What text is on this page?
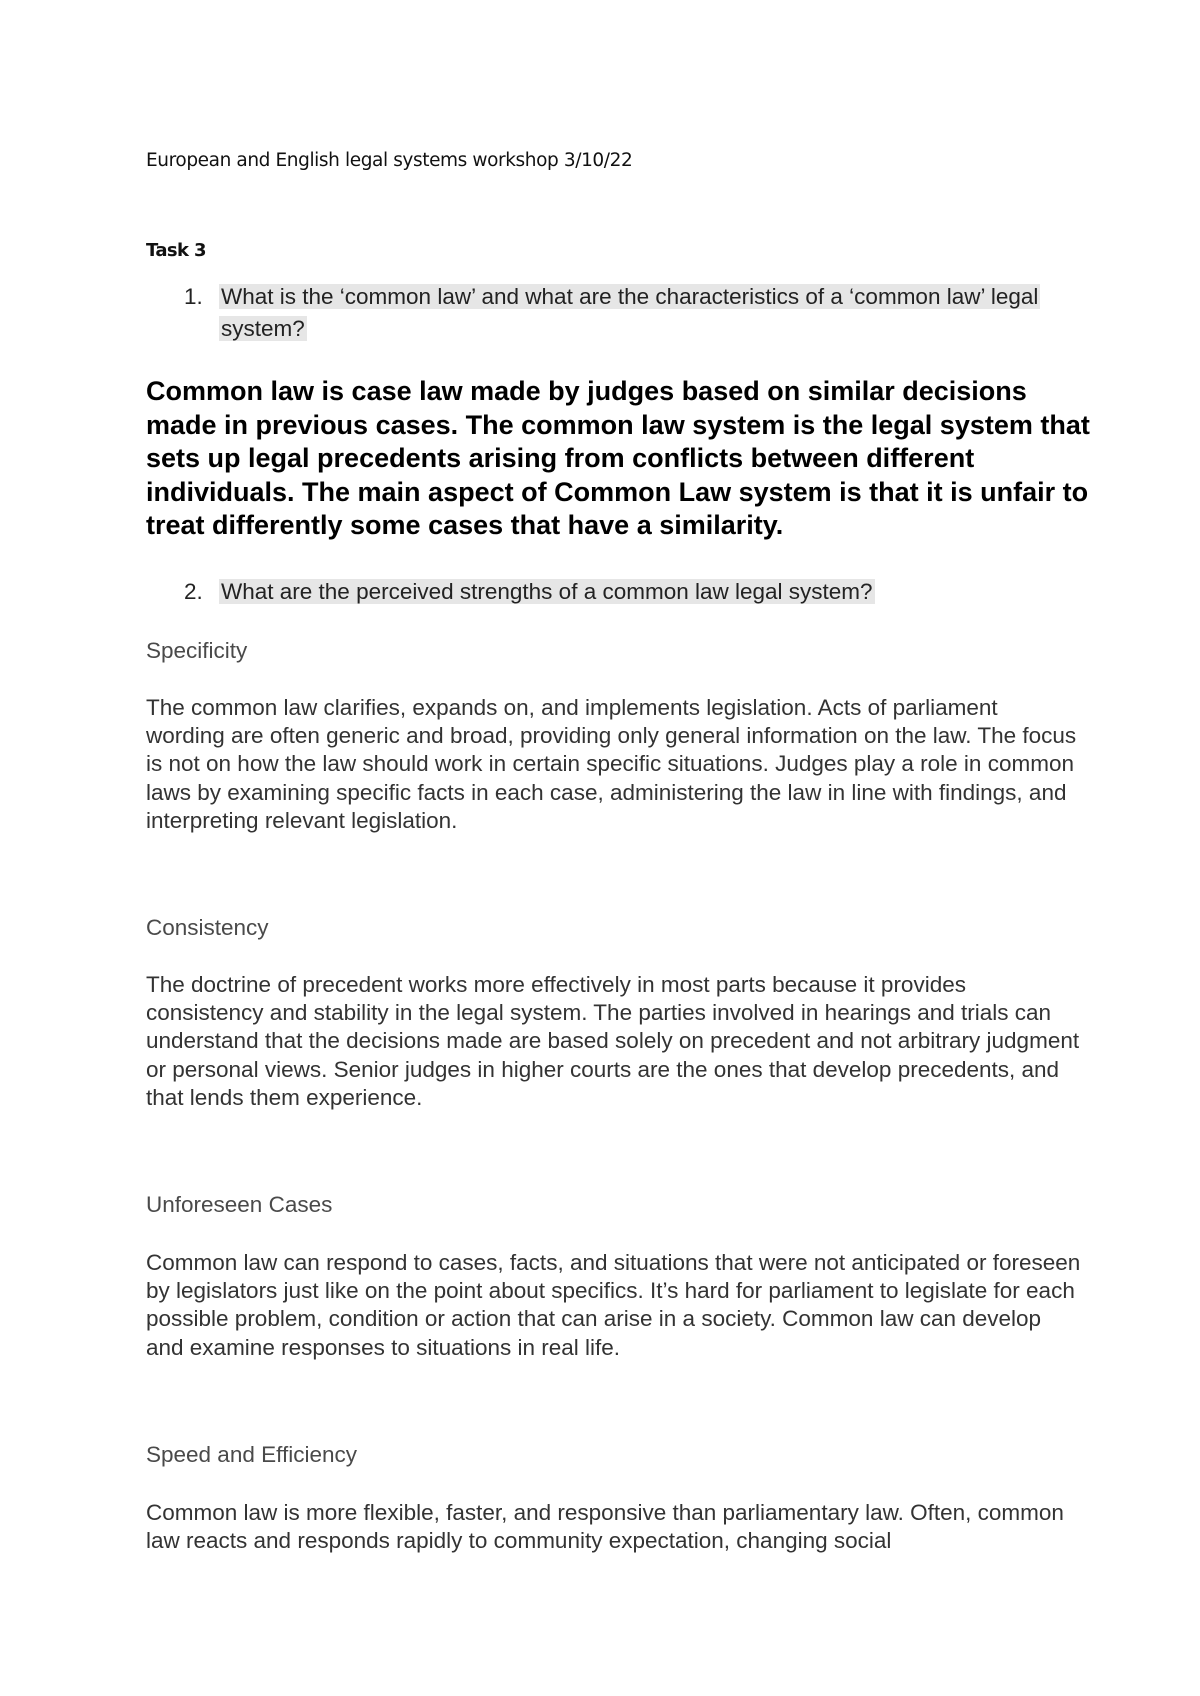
European and English legal systems workshop 3/10/22
Task 3
1. What is the ‘common law’ and what are the characteristics of a ‘common law’ legal system?
Common law is case law made by judges based on similar decisions made in previous cases. The common law system is the legal system that sets up legal precedents arising from conflicts between different individuals. The main aspect of Common Law system is that it is unfair to treat differently some cases that have a similarity.
2. What are the perceived strengths of a common law legal system?
Specificity
The common law clarifies, expands on, and implements legislation. Acts of parliament wording are often generic and broad, providing only general information on the law. The focus is not on how the law should work in certain specific situations. Judges play a role in common laws by examining specific facts in each case, administering the law in line with findings, and interpreting relevant legislation.
Consistency
The doctrine of precedent works more effectively in most parts because it provides consistency and stability in the legal system. The parties involved in hearings and trials can understand that the decisions made are based solely on precedent and not arbitrary judgment or personal views. Senior judges in higher courts are the ones that develop precedents, and that lends them experience.
Unforeseen Cases
Common law can respond to cases, facts, and situations that were not anticipated or foreseen by legislators just like on the point about specifics. It’s hard for parliament to legislate for each possible problem, condition or action that can arise in a society. Common law can develop and examine responses to situations in real life.
Speed and Efficiency
Common law is more flexible, faster, and responsive than parliamentary law. Often, common law reacts and responds rapidly to community expectation, changing social
